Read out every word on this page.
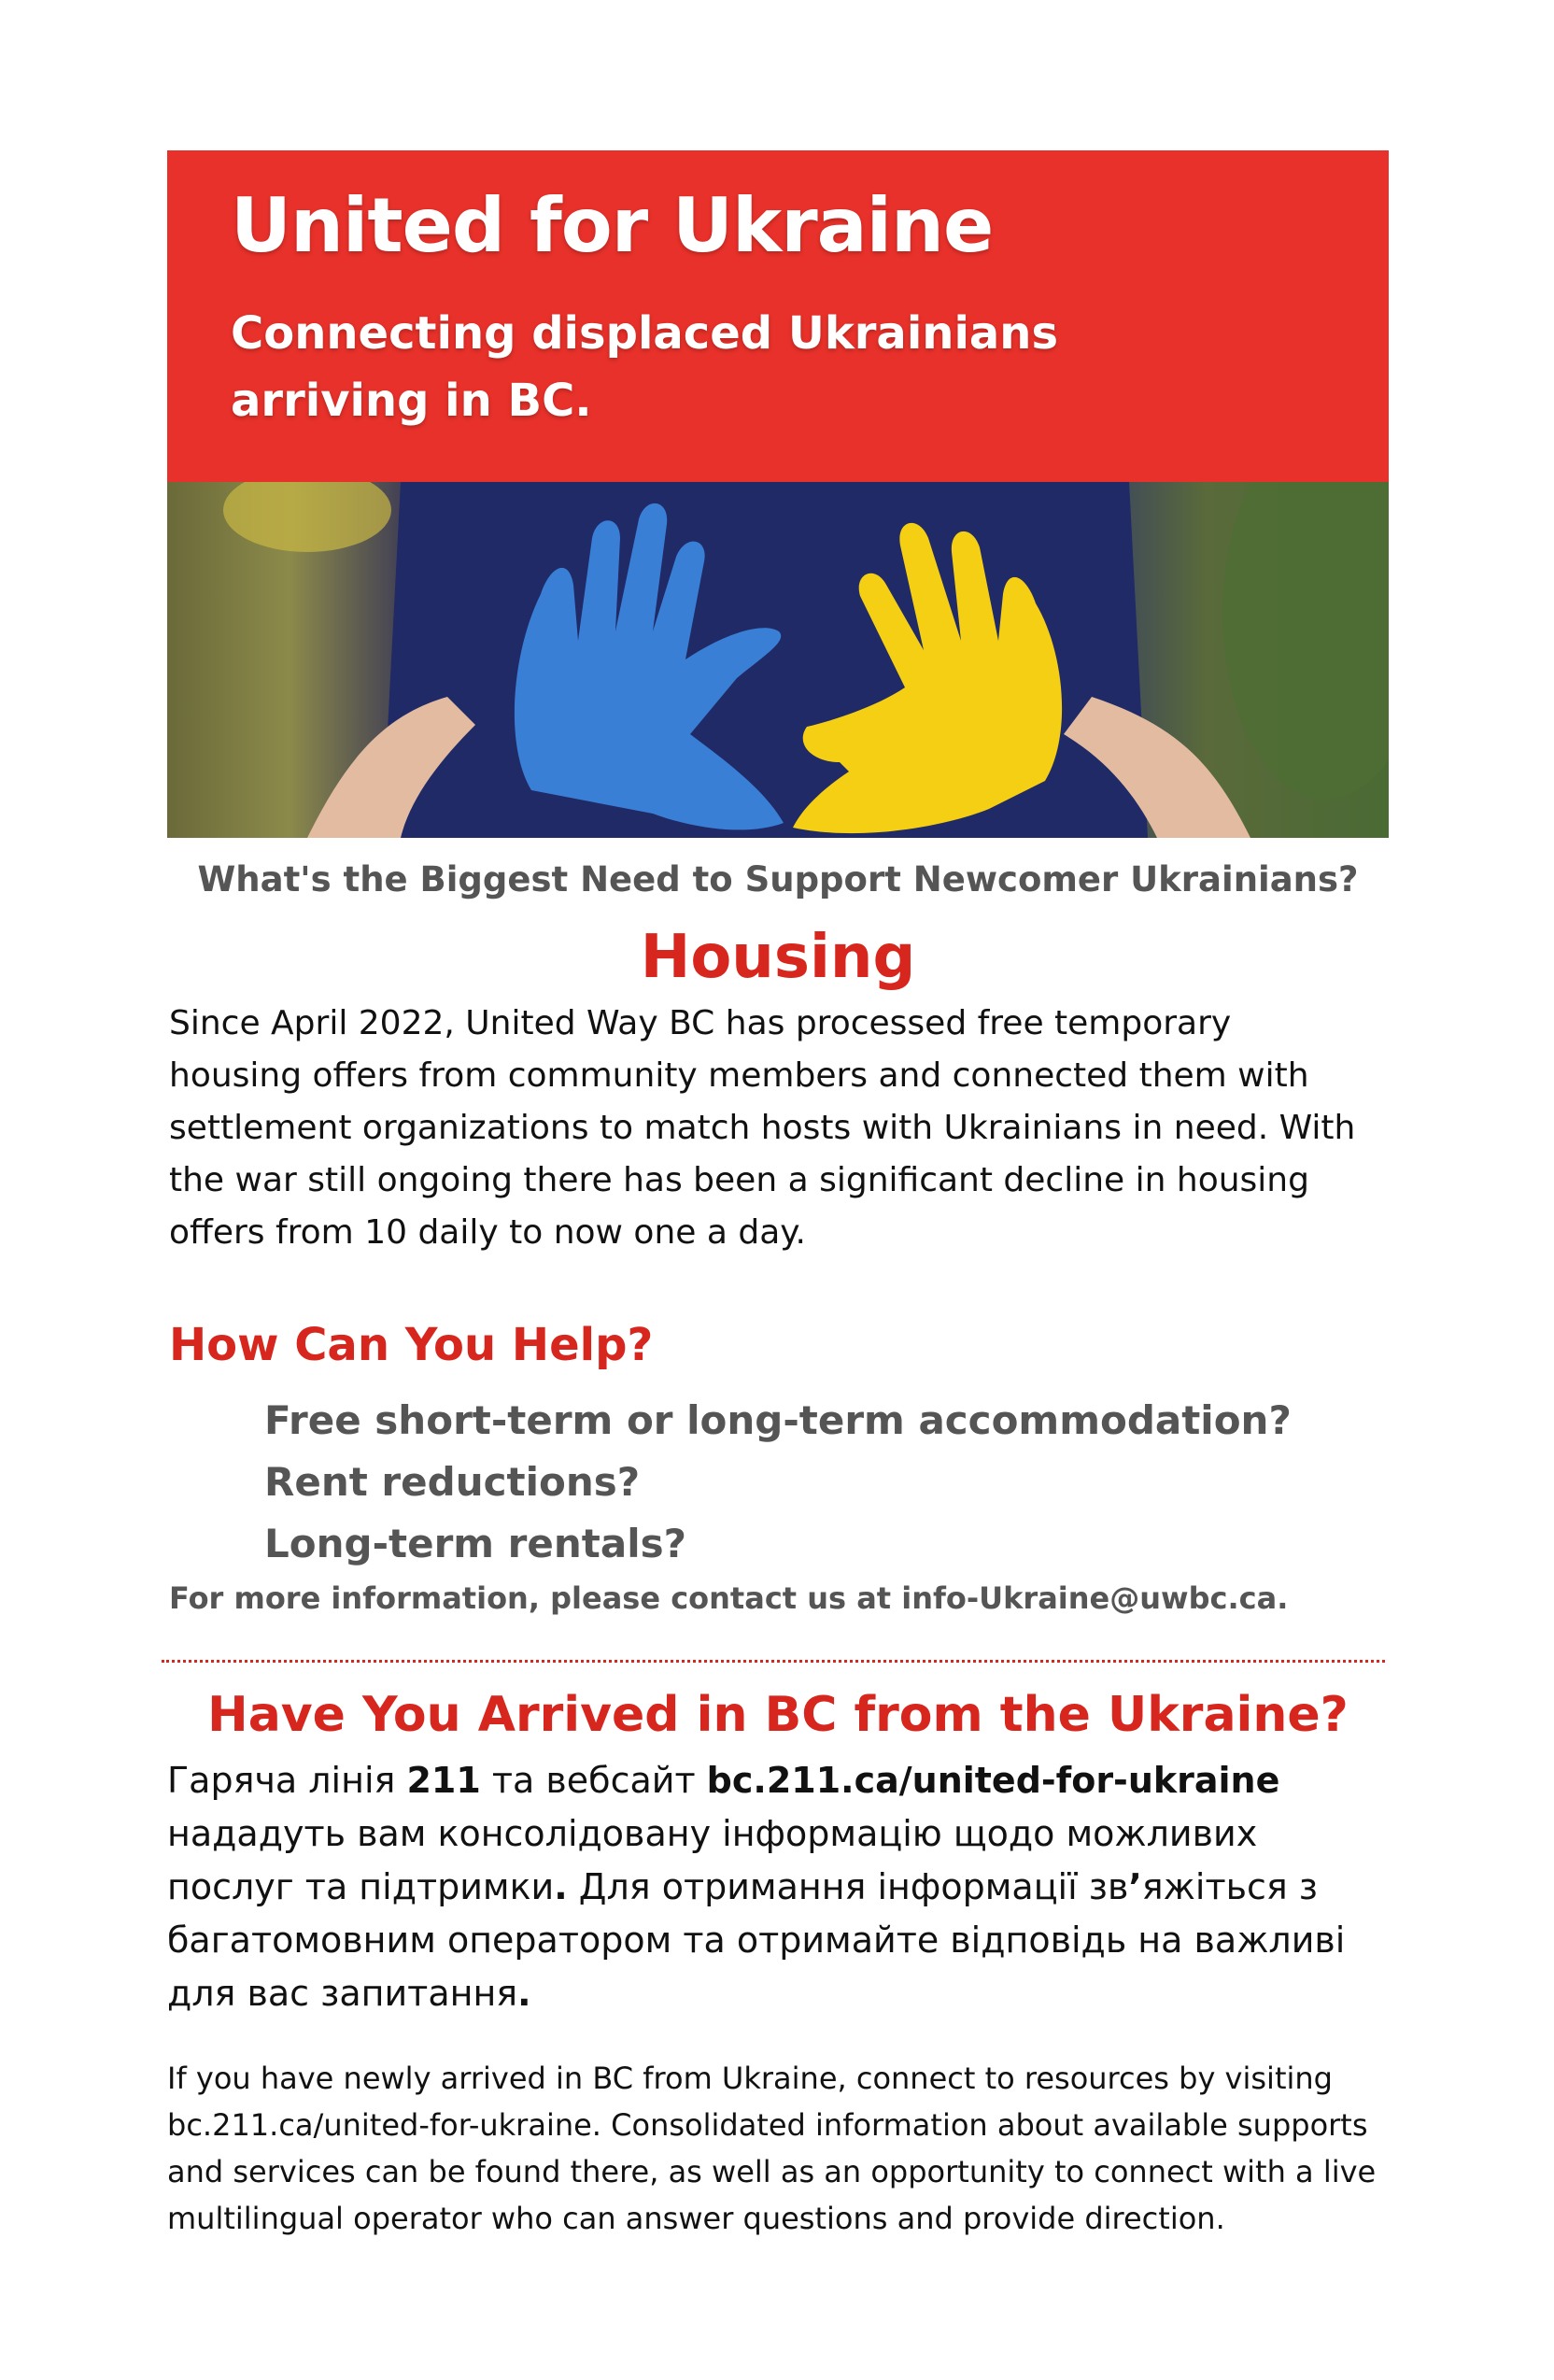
United for Ukraine
Connecting displaced Ukrainians
arriving in BC.
What's the Biggest Need to Support Newcomer Ukrainians?
Housing

Since April 2022, United Way BC has processed free temporary housing offers from community members and connected them with settlement organizations to match hosts with Ukrainians in need. With the war still ongoing there has been a significant decline in housing offers from 10 daily to now one a day.

How Can You Help?
Free short-term or long-term accommodation?
Rent reductions?
Long-term rentals?

For more information, please contact us at info-Ukraine@uwbc.ca.

Have You Arrived in BC from the Ukraine?

Гаряча лінія 211 та вебсайт bc.211.ca/united-for-ukraine нададуть вам консолідовану інформацію щодо можливих послуг та підтримки. Для отримання інформації зв’яжіться з багатомовним оператором та отримайте відповідь на важливі для вас запитання.

If you have newly arrived in BC from Ukraine, connect to resources by visiting bc.211.ca/united-for-ukraine. Consolidated information about available supports and services can be found there, as well as an opportunity to connect with a live multilingual operator who can answer questions and provide direction.
